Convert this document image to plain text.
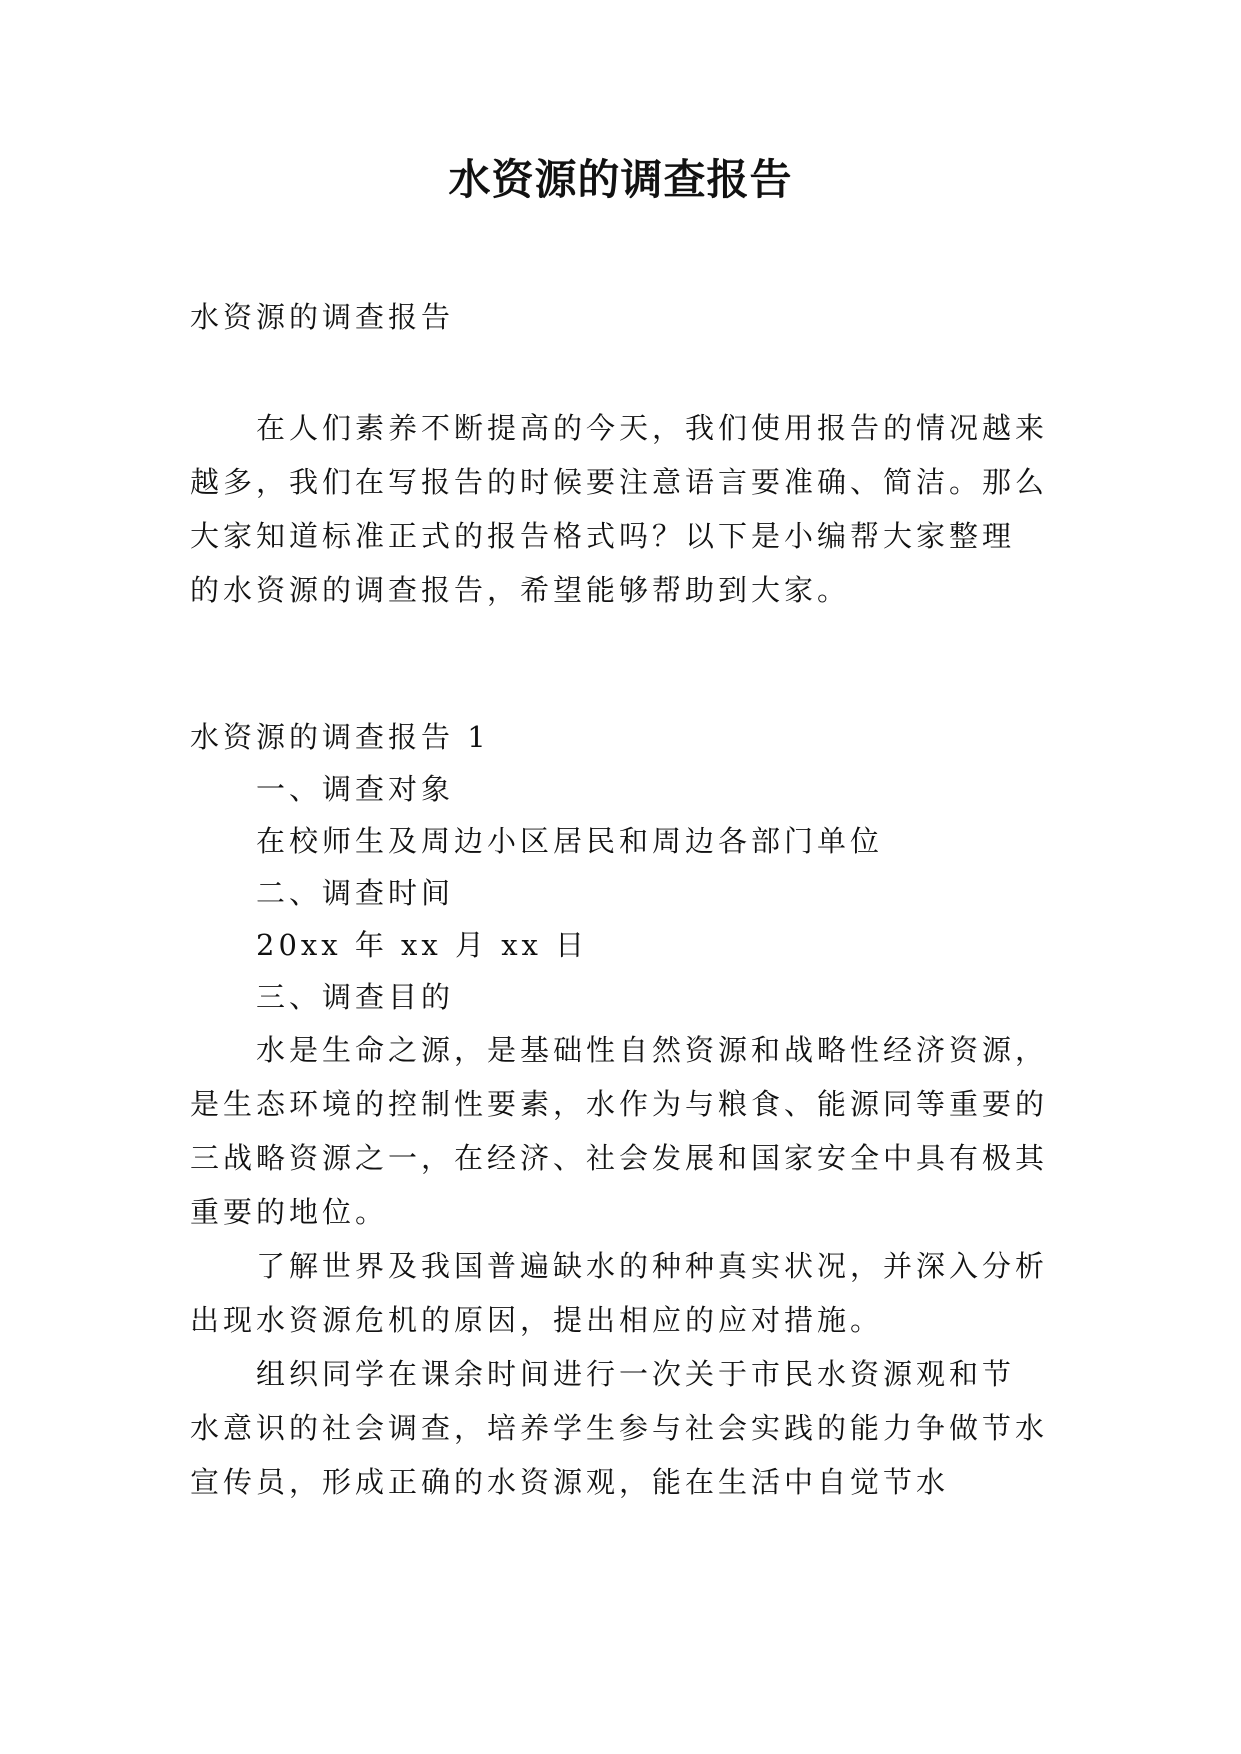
水资源的调查报告
水资源的调查报告
在人们素养不断提高的今天，我们使用报告的情况越来
越多，我们在写报告的时候要注意语言要准确、简洁。那么
大家知道标准正式的报告格式吗？以下是小编帮大家整理
的水资源的调查报告，希望能够帮助到大家。
水资源的调查报告 1
一、调查对象
在校师生及周边小区居民和周边各部门单位
二、调查时间
20xx 年 xx 月 xx 日
三、调查目的
水是生命之源，是基础性自然资源和战略性经济资源，
是生态环境的控制性要素，水作为与粮食、能源同等重要的
三战略资源之一，在经济、社会发展和国家安全中具有极其
重要的地位。
了解世界及我国普遍缺水的种种真实状况，并深入分析
出现水资源危机的原因，提出相应的应对措施。
组织同学在课余时间进行一次关于市民水资源观和节
水意识的社会调查，培养学生参与社会实践的能力争做节水
宣传员，形成正确的水资源观，能在生活中自觉节水
